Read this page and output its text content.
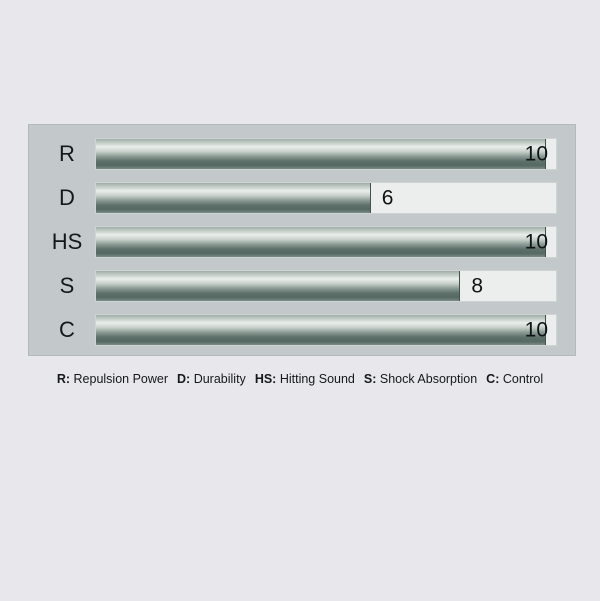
R	10
D	6
HS	10
S	8
C	10
R: Repulsion Power D: Durability HS: Hitting Sound S: Shock Absorption C: Control
